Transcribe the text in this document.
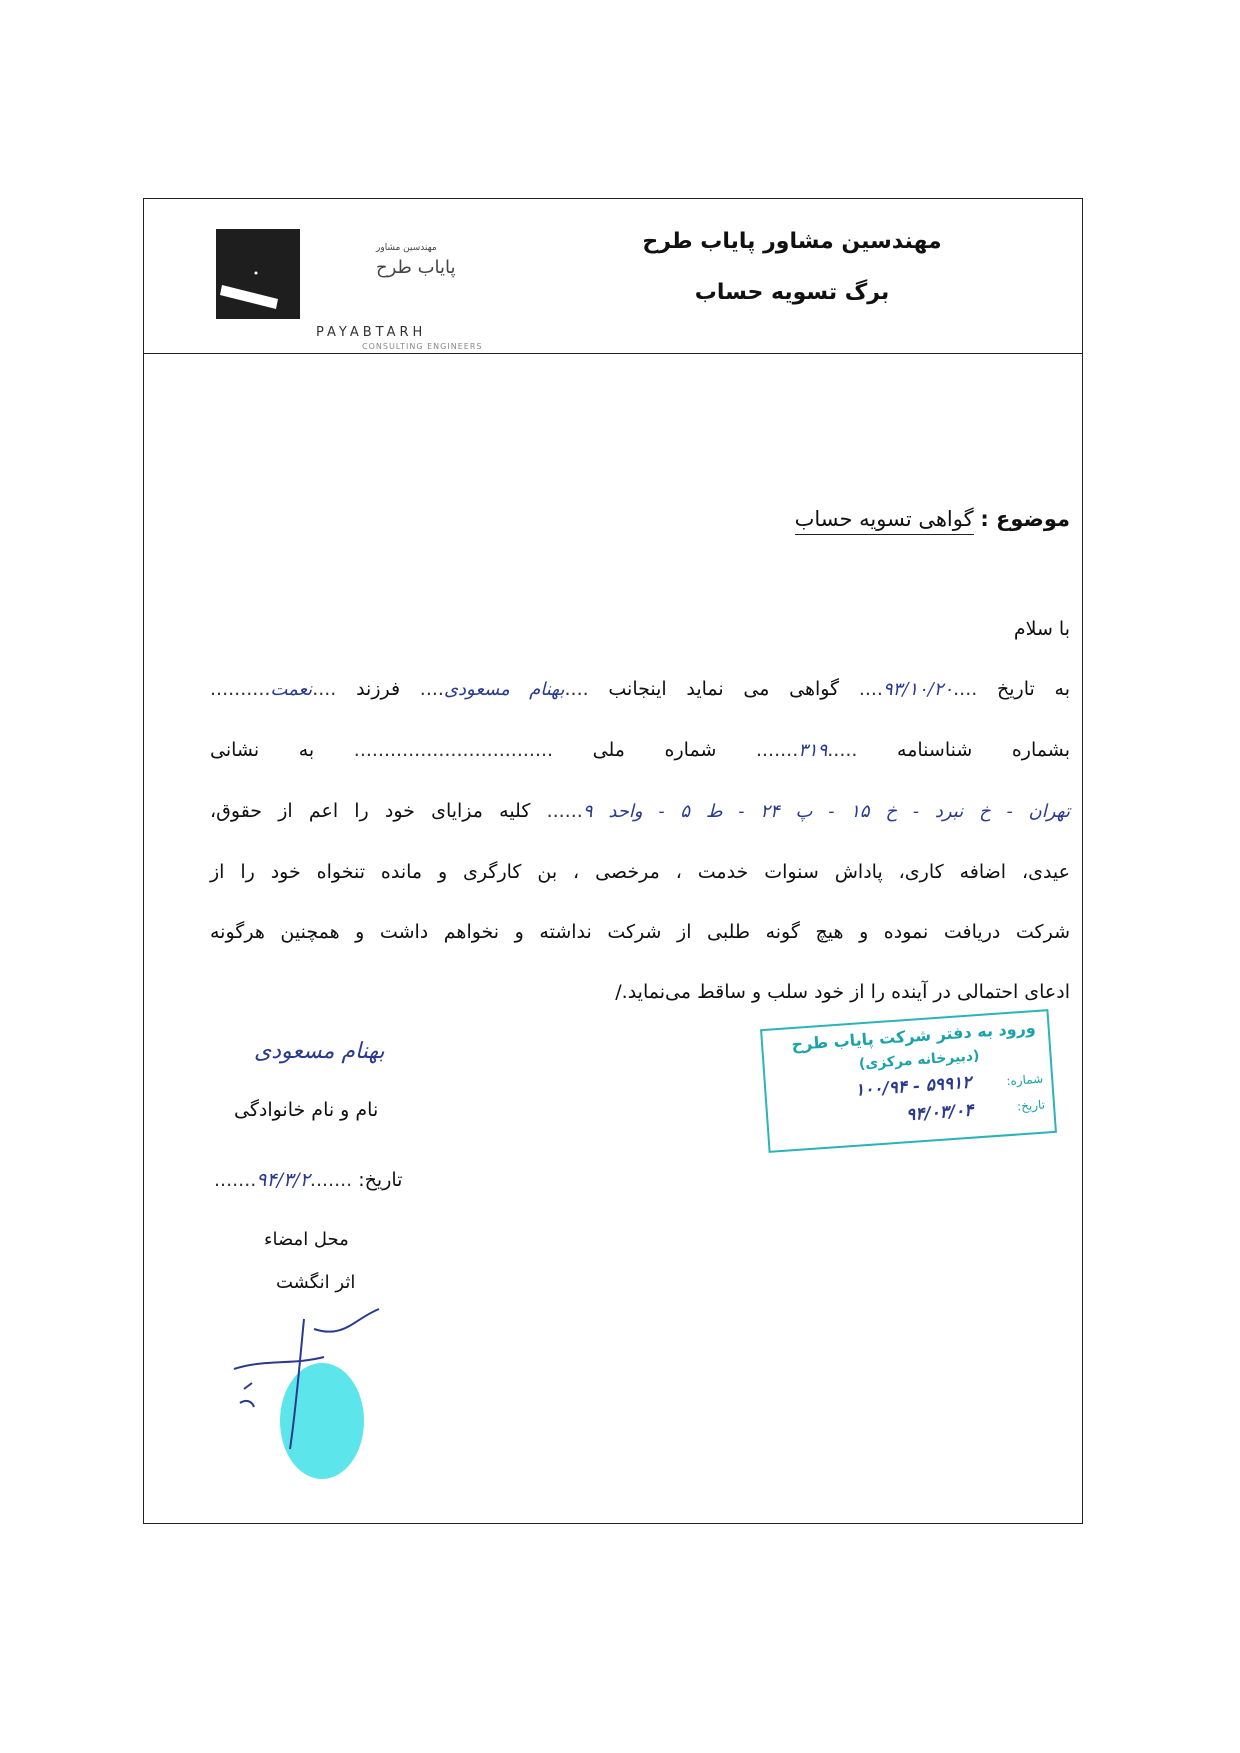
مهندسین مشاور پایاب طرح
برگ تسویه حساب
مهندسین مشاور
پایاب طرح
PAYABTARH
CONSULTING ENGINEERS
موضوع : گواهی تسویه حساب
با سلام
به تاریخ ....۹۳/۱۰/۲۰.... گواهی می نماید اینجانب ....بهنام مسعودی.... فرزند ....نعمت..........
بشماره شناسنامه .....۳۱۹....... شماره ملی ................................. به نشانی
تهران - خ نبرد - خ ۱۵ - پ ۲۴ - ط ۵ - واحد ۹...... کلیه مزایای خود را اعم از حقوق،
عیدی، اضافه کاری، پاداش سنوات خدمت ، مرخصی ، بن کارگری و مانده تنخواه خود را از
شرکت دریافت نموده و هیچ گونه طلبی از شرکت نداشته و نخواهم داشت و همچنین هرگونه
ادعای احتمالی در آینده را از خود سلب و ساقط می‌نماید./
بهنام مسعودی
نام و نام خانوادگی
تاریخ: .......۹۴/۳/۲.......
محل امضاء
اثر انگشت
ورود به دفتر شرکت پایاب طرح
(دبیرخانه مرکزی)
شماره:
۵۹۹۱۲ - ۱۰۰/۹۴
تاریخ:
۹۴/۰۳/۰۴
